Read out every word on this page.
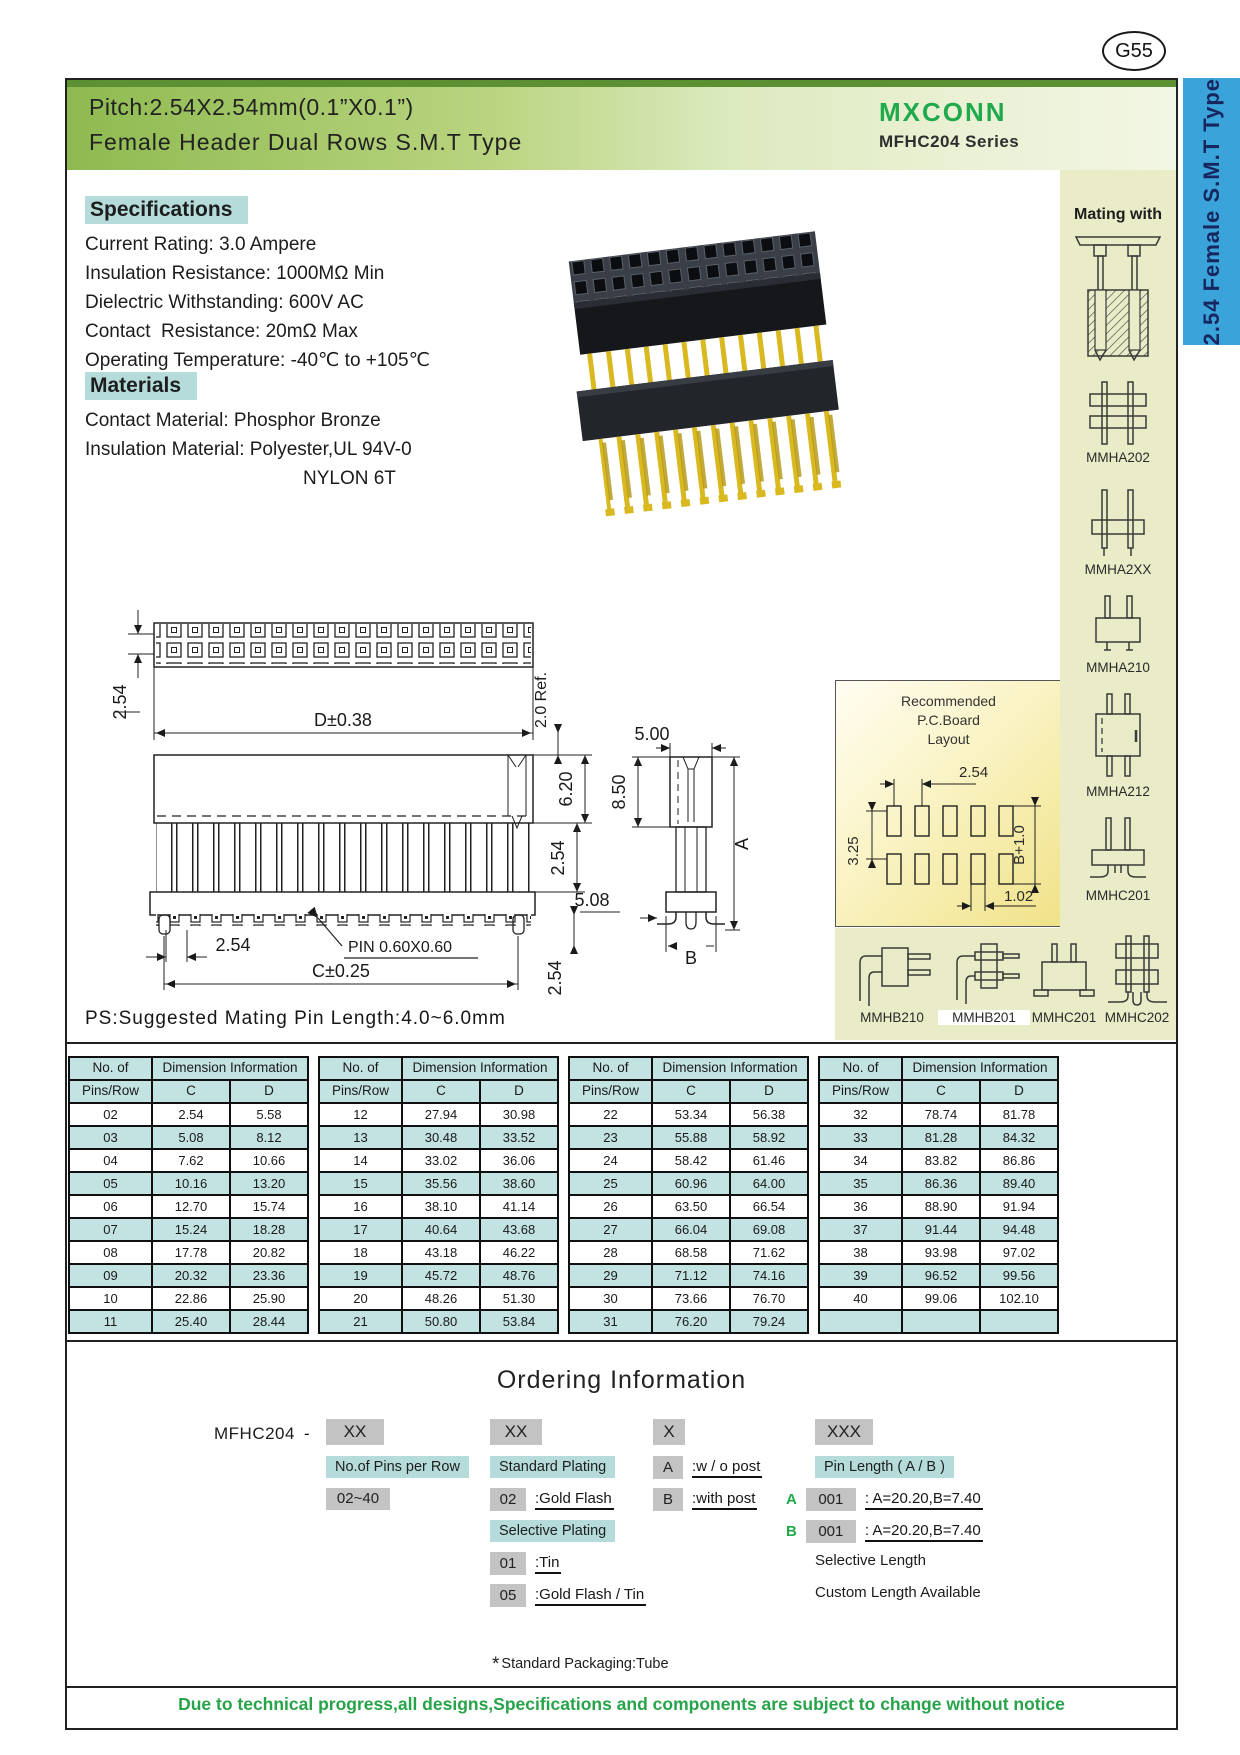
G55
Pitch:2.54X2.54mm(0.1”X0.1”)
Female Header Dual Rows S.M.T Type
MXCONN
MFHC204 Series	2.54 Female S.M.T Type
Specifications
Current Rating: 3.0 Ampere
Insulation Resistance: 1000MΩ Min
Dielectric Withstanding: 600V AC
Contact  Resistance: 20mΩ Max
Operating Temperature: -40℃ to +105℃
Materials
Contact Material: Phosphor Bronze
Insulation Material: Polyester,UL 94V-0
NYLON 6T
2.54
D±0.38	2.0 Ref.
6.20
2.54
2.54
2.54	PIN 0.60X0.60
C±0.25
5.00
8.50
A
5.08
B
Recommended
P.C.Board
Layout
2.54
3.25	B+1.0
1.02
Mating with
MMHA202
MMHA2XX
MMHA210
MMHA212
MMHC201
MMHB210	MMHB201	MMHC201 MMHC202
PS:Suggested Mating Pin Length:4.0~6.0mm
No. of	Dimension Information	
Pins/Row	C	D
02	2.54	5.58
03	5.08	8.12
04	7.62	10.66
05	10.16	13.20
06	12.70	15.74
07	15.24	18.28
08	17.78	20.82
09	20.32	23.36
10	22.86	25.90
11	25.40	28.44
No. of	Dimension Information	
Pins/Row	C	D
12	27.94	30.98
13	30.48	33.52
14	33.02	36.06
15	35.56	38.60
16	38.10	41.14
17	40.64	43.68
18	43.18	46.22
19	45.72	48.76
20	48.26	51.30
21	50.80	53.84
No. of	Dimension Information	
Pins/Row	C	D
22	53.34	56.38
23	55.88	58.92
24	58.42	61.46
25	60.96	64.00
26	63.50	66.54
27	66.04	69.08
28	68.58	71.62
29	71.12	74.16
30	73.66	76.70
31	76.20	79.24
No. of	Dimension Information	
Pins/Row	C	D
32	78.74	81.78
33	81.28	84.32
34	83.82	86.86
35	86.36	89.40
36	88.90	91.94
37	91.44	94.48
38	93.98	97.02
39	96.52	99.56
40	99.06	102.10

Ordering Information
MFHC204 -	XX	XX	X	XXX
No.of Pins per Row
02~40
Standard Plating
02	:Gold Flash
Selective Plating
01	:Tin
05	:Gold Flash / Tin
A	:w / o post
B	:with post
Pin Length ( A / B )
A	001	: A=20.20,B=7.40
B	001	: A=20.20,B=7.40
Selective Length
Custom Length Available
* Standard Packaging:Tube
Due to technical progress,all designs,Specifications and components are subject to change without notice
